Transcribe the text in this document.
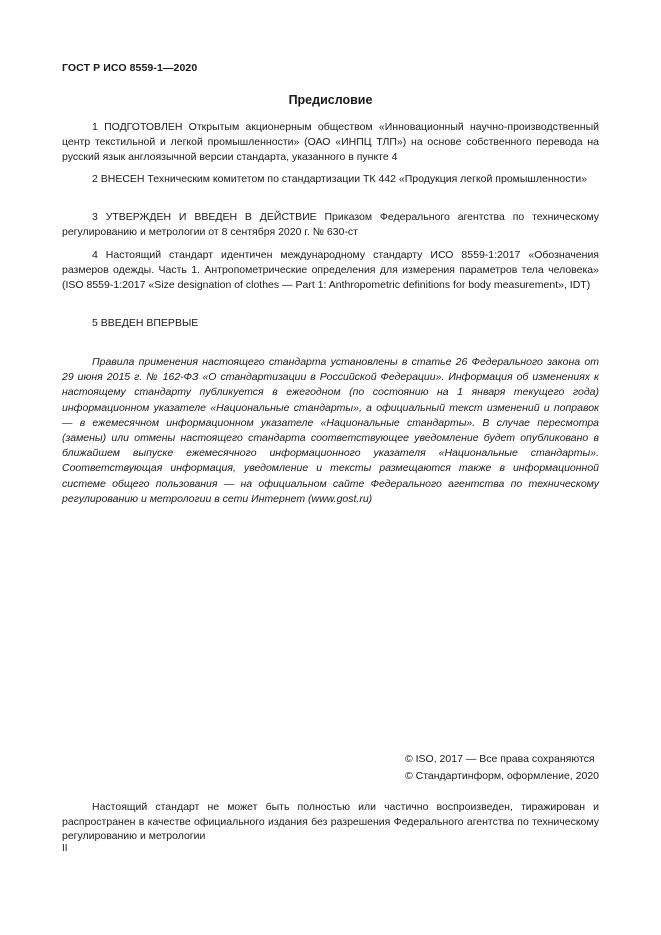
ГОСТ Р ИСО 8559-1—2020
Предисловие

1 ПОДГОТОВЛЕН Открытым акционерным обществом «Инновационный научно-производственный центр текстильной и легкой промышленности» (ОАО «ИНПЦ ТЛП») на основе собственного перевода на русский язык англоязычной версии стандарта, указанного в пункте 4

2 ВНЕСЕН Техническим комитетом по стандартизации ТК 442 «Продукция легкой промышленности»

3 УТВЕРЖДЕН И ВВЕДЕН В ДЕЙСТВИЕ Приказом Федерального агентства по техническому регулированию и метрологии от 8 сентября 2020 г. № 630-ст

4 Настоящий стандарт идентичен международному стандарту ИСО 8559-1:2017 «Обозначения размеров одежды. Часть 1. Антропометрические определения для измерения параметров тела человека» (ISO 8559-1:2017 «Size designation of clothes — Part 1: Anthropometric definitions for body measurement», IDT)

5 ВВЕДЕН ВПЕРВЫЕ

Правила применения настоящего стандарта установлены в статье 26 Федерального закона от 29 июня 2015 г. № 162-ФЗ «О стандартизации в Российской Федерации». Информация об изменениях к настоящему стандарту публикуется в ежегодном (по состоянию на 1 января текущего года) информационном указателе «Национальные стандарты», а официальный текст изменений и поправок — в ежемесячном информационном указателе «Национальные стандарты». В случае пересмотра (замены) или отмены настоящего стандарта соответствующее уведомление будет опубликовано в ближайшем выпуске ежемесячного информационного указателя «Национальные стандарты». Соответствующая информация, уведомление и тексты размещаются также в информационной системе общего пользования — на официальном сайте Федерального агентства по техническому регулированию и метрологии в сети Интернет (www.gost.ru)

© ISO, 2017 — Все права сохраняются
© Стандартинформ, оформление, 2020

Настоящий стандарт не может быть полностью или частично воспроизведен, тиражирован и распространен в качестве официального издания без разрешения Федерального агентства по техническому регулированию и метрологии

II
